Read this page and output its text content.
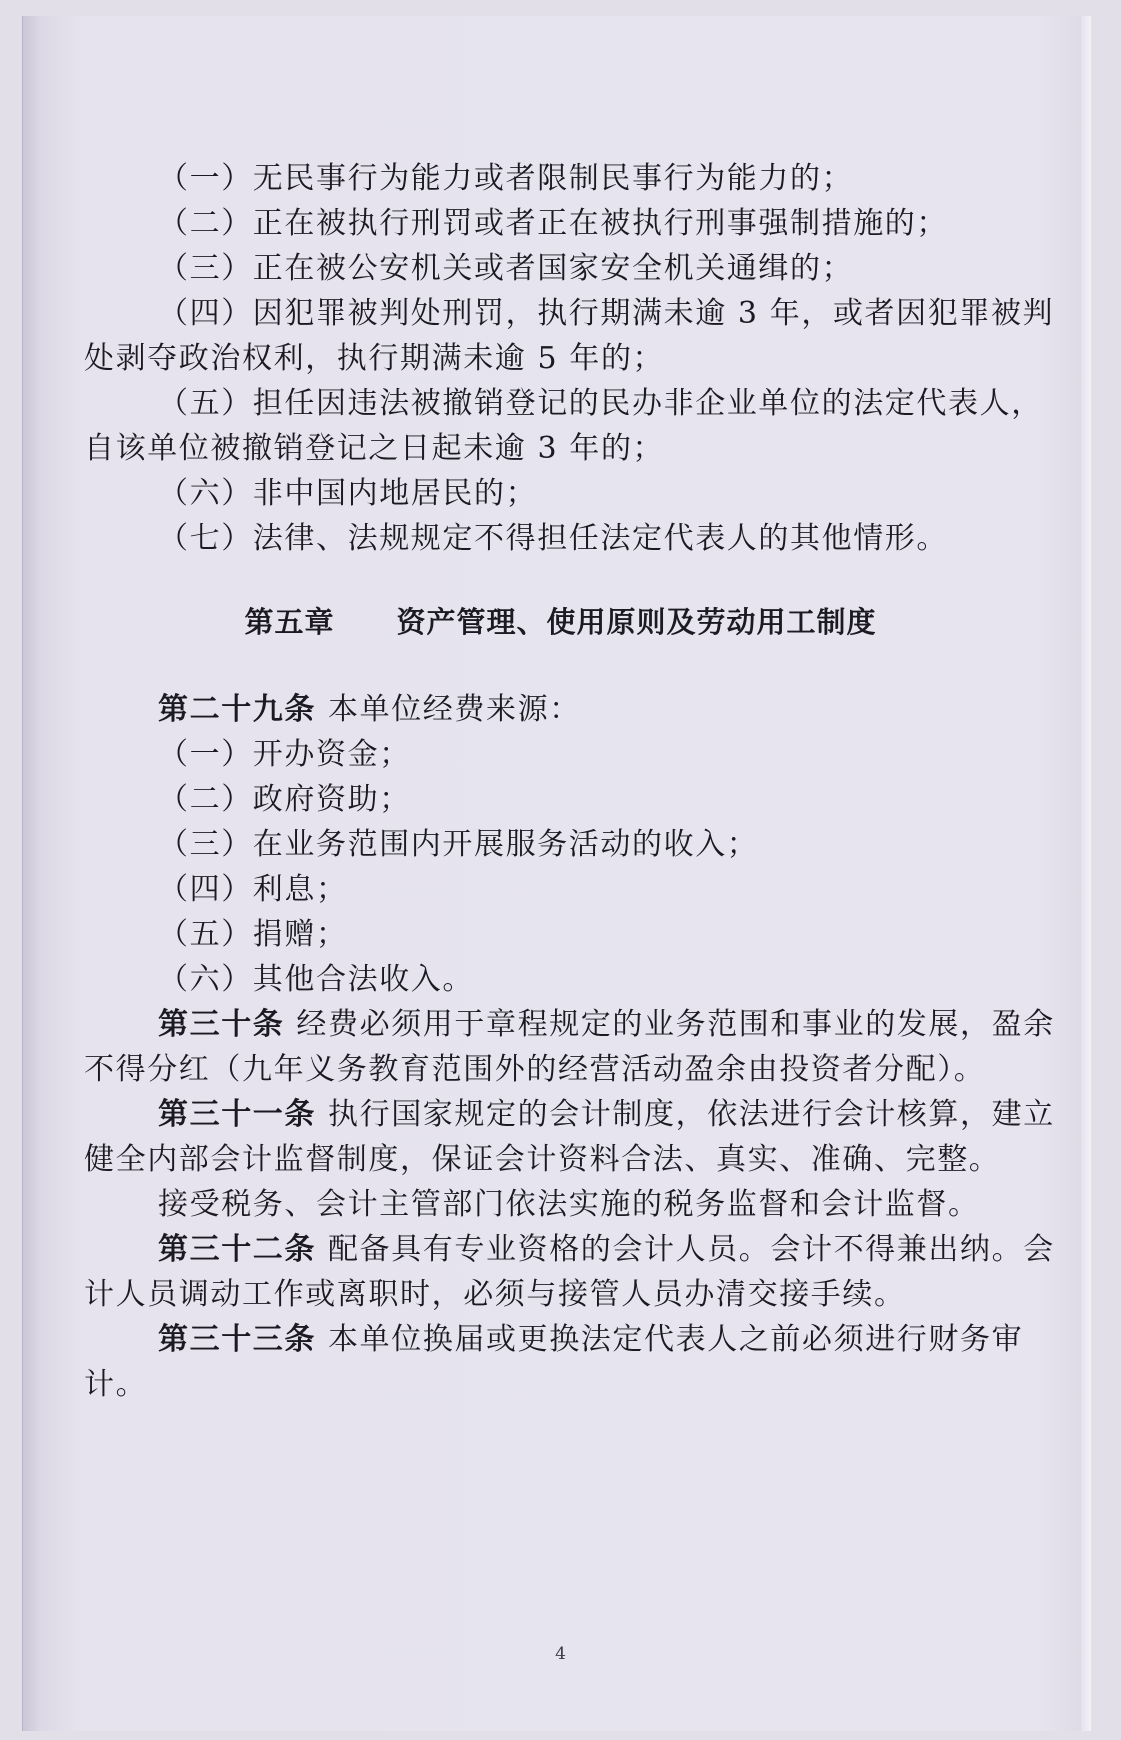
（一）无民事行为能力或者限制民事行为能力的；
（二）正在被执行刑罚或者正在被执行刑事强制措施的；
（三）正在被公安机关或者国家安全机关通缉的；
（四）因犯罪被判处刑罚，执行期满未逾 3 年，或者因犯罪被判
处剥夺政治权利，执行期满未逾 5 年的；
（五）担任因违法被撤销登记的民办非企业单位的法定代表人，
自该单位被撤销登记之日起未逾 3 年的；
（六）非中国内地居民的；
（七）法律、法规规定不得担任法定代表人的其他情形。
第五章 资产管理、使用原则及劳动用工制度
第二十九条 本单位经费来源：
（一）开办资金；
（二）政府资助；
（三）在业务范围内开展服务活动的收入；
（四）利息；
（五）捐赠；
（六）其他合法收入。
第三十条 经费必须用于章程规定的业务范围和事业的发展，盈余
不得分红（九年义务教育范围外的经营活动盈余由投资者分配）。
第三十一条 执行国家规定的会计制度，依法进行会计核算，建立
健全内部会计监督制度，保证会计资料合法、真实、准确、完整。
接受税务、会计主管部门依法实施的税务监督和会计监督。
第三十二条 配备具有专业资格的会计人员。会计不得兼出纳。会
计人员调动工作或离职时，必须与接管人员办清交接手续。
第三十三条 本单位换届或更换法定代表人之前必须进行财务审
计。
4
